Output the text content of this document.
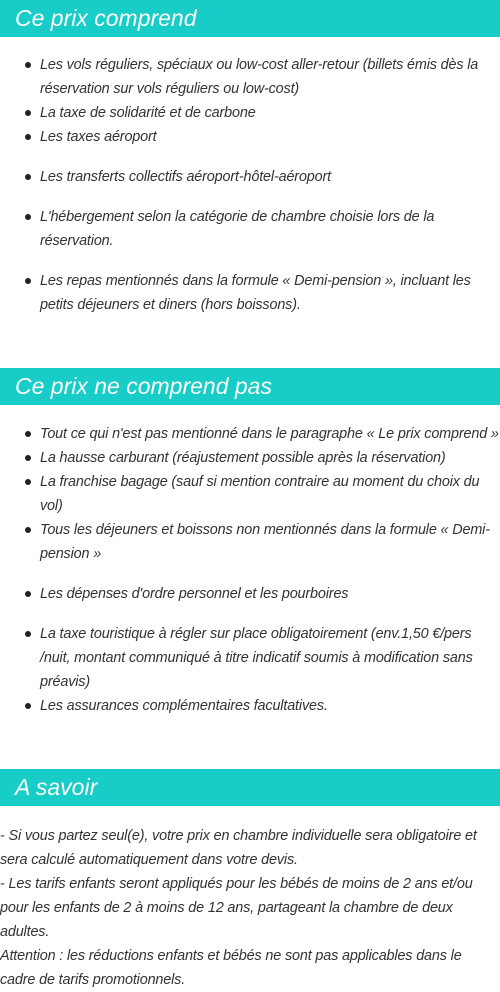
Ce prix comprend
Les vols réguliers, spéciaux ou low-cost aller-retour (billets émis dès la réservation sur vols réguliers ou low-cost)
La taxe de solidarité et de carbone
Les taxes aéroport
Les transferts collectifs aéroport-hôtel-aéroport
L'hébergement selon la catégorie de chambre choisie lors de la réservation.
Les repas mentionnés dans la formule « Demi-pension », incluant les petits déjeuners et diners (hors boissons).
Ce prix ne comprend pas
Tout ce qui n'est pas mentionné dans le paragraphe « Le prix comprend »
La hausse carburant (réajustement possible après la réservation)
La franchise bagage (sauf si mention contraire au moment du choix du vol)
Tous les déjeuners et boissons non mentionnés dans la formule « Demi-pension »
Les dépenses d'ordre personnel et les pourboires
La taxe touristique à régler sur place obligatoirement (env.1,50 €/pers /nuit, montant communiqué à titre indicatif soumis à modification sans préavis)
Les assurances complémentaires facultatives.
A savoir
- Si vous partez seul(e), votre prix en chambre individuelle sera obligatoire et sera calculé automatiquement dans votre devis.
- Les tarifs enfants seront appliqués pour les bébés de moins de 2 ans et/ou pour les enfants de 2 à moins de 12 ans, partageant la chambre de deux adultes.
Attention : les réductions enfants et bébés ne sont pas applicables dans le cadre de tarifs promotionnels.
